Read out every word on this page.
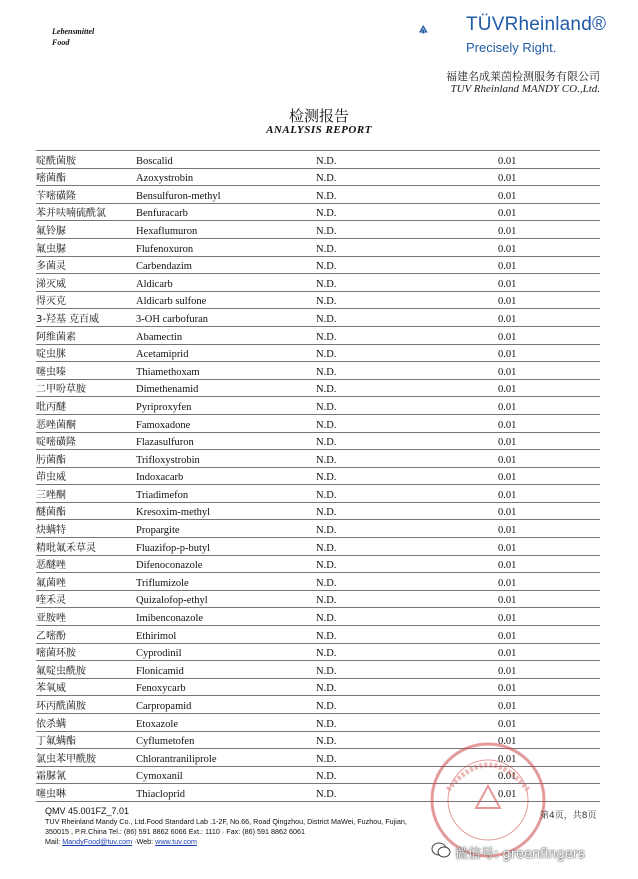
Lebensmittel
Food
TÜVRheinland®
Precisely Right.
福建名成莱茵检测服务有限公司
TUV Rheinland MANDY CO.,Ltd.
检测报告
ANALYSIS REPORT
啶酰菌胺	Boscalid	N.D.	0.01
嘧菌酯	Azoxystrobin	N.D.	0.01
苄嘧磺隆	Bensulfuron-methyl	N.D.	0.01
苯并呋喃硫酰氯	Benfuracarb	N.D.	0.01
氟铃脲	Hexaflumuron	N.D.	0.01
氟虫脲	Flufenoxuron	N.D.	0.01
多菌灵	Carbendazim	N.D.	0.01
涕灭威	Aldicarb	N.D.	0.01
得灭克	Aldicarb sulfone	N.D.	0.01
3-羟基 克百威	3-OH carbofuran	N.D.	0.01
阿维菌素	Abamectin	N.D.	0.01
啶虫脒	Acetamiprid	N.D.	0.01
噻虫嗪	Thiamethoxam	N.D.	0.01
二甲吩草胺	Dimethenamid	N.D.	0.01
吡丙醚	Pyriproxyfen	N.D.	0.01
恶唑菌酮	Famoxadone	N.D.	0.01
啶嘧磺隆	Flazasulfuron	N.D.	0.01
肟菌酯	Trifloxystrobin	N.D.	0.01
茚虫威	Indoxacarb	N.D.	0.01
三唑酮	Triadimefon	N.D.	0.01
醚菌酯	Kresoxim-methyl	N.D.	0.01
炔螨特	Propargite	N.D.	0.01
精吡氟禾草灵	Fluazifop-p-butyl	N.D.	0.01
恶醚唑	Difenoconazole	N.D.	0.01
氟菌唑	Triflumizole	N.D.	0.01
喹禾灵	Quizalofop-ethyl	N.D.	0.01
亚胺唑	Imibenconazole	N.D.	0.01
乙嘧酚	Ethirimol	N.D.	0.01
嘧菌环胺	Cyprodinil	N.D.	0.01
氟啶虫酰胺	Flonicamid	N.D.	0.01
苯氧威	Fenoxycarb	N.D.	0.01
环丙酰菌胺	Carpropamid	N.D.	0.01
依杀螨	Etoxazole	N.D.	0.01
丁氟螨酯	Cyflumetofen	N.D.	0.01
氯虫苯甲酰胺	Chlorantraniliprole	N.D.	0.01
霜脲氰	Cymoxanil	N.D.	0.01
噻虫啉	Thiacloprid	N.D.	0.01
第4页，共8页
QMV 45.001FZ_7.01
TUV Rheinland Mandy Co., Ltd.Food Standard Lab .1-2F, No.66, Road Qingzhou, District MaWei, Fuzhou, Fujian,
350015 , P.R.China Tel.: (86) 591 8862 6066 Ext.: 1110 · Fax: (86) 591 8862 6061
Mail: MandyFood@tuv.com ·Web: www.tuv.com
微信号: greenfingers
